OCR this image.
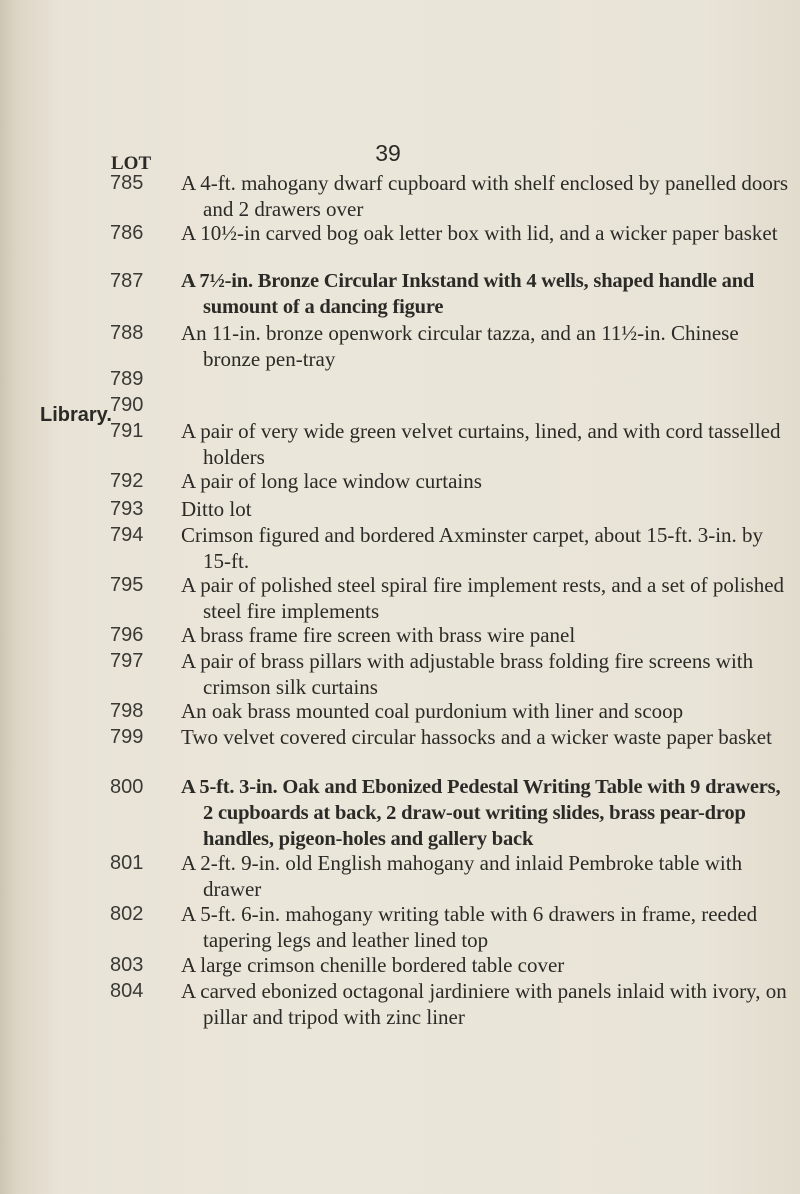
39
LOT
Library.
785
786
787
788
789
790
791
792
793
794
795
796
797
798
799
800
801
802
803
804
A 4-ft. mahogany dwarf cupboard with shelf enclosed by panelled doors and 2 drawers over
A 10½-in carved bog oak letter box with lid, and a wicker paper basket
A 7½-in. Bronze Circular Inkstand with 4 wells, shaped handle and sumount of a dancing figure
An 11-in. bronze openwork circular tazza, and an 11½-in. Chinese bronze pen-tray
A pair of very wide green velvet curtains, lined, and with cord tasselled holders
A pair of long lace window curtains
Ditto lot
Crimson figured and bordered Axminster carpet, about 15-ft. 3-in. by 15-ft.
A pair of polished steel spiral fire implement rests, and a set of polished steel fire implements
A brass frame fire screen with brass wire panel
A pair of brass pillars with adjustable brass folding fire screens with crimson silk curtains
An oak brass mounted coal purdonium with liner and scoop
Two velvet covered circular hassocks and a wicker waste paper basket
A 5-ft. 3-in. Oak and Ebonized Pedestal Writing Table with 9 drawers, 2 cupboards at back, 2 draw-out writing slides, brass pear-drop handles, pigeon-holes and gallery back
A 2-ft. 9-in. old English mahogany and inlaid Pembroke table with drawer
A 5-ft. 6-in. mahogany writing table with 6 drawers in frame, reeded tapering legs and leather lined top
A large crimson chenille bordered table cover
A carved ebonized octagonal jardiniere with panels inlaid with ivory, on pillar and tripod with zinc liner
